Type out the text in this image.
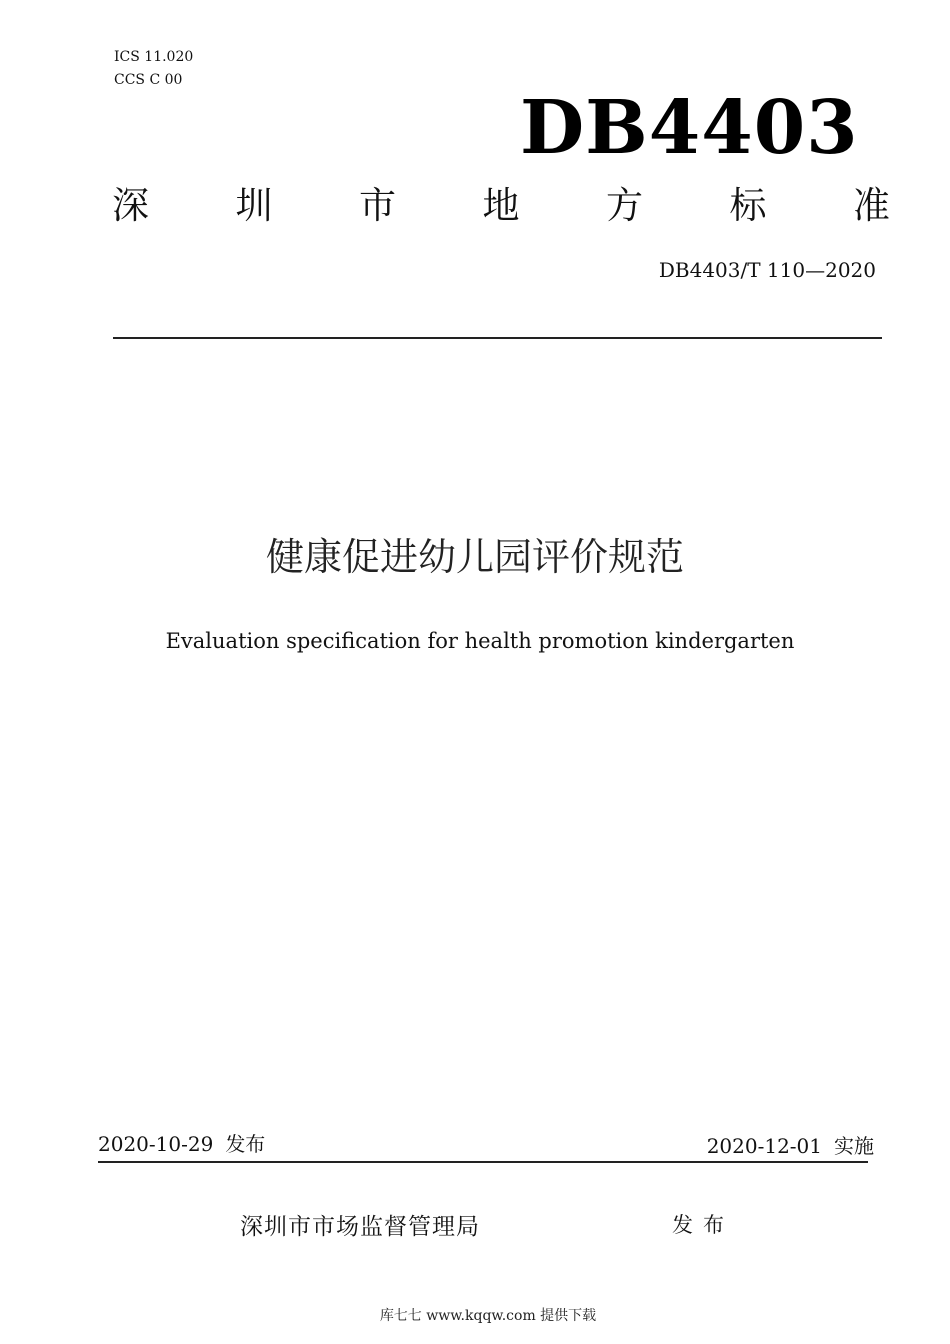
ICS 11.020
CCS C 00
DB4403
深 圳 市 地 方 标 准
DB4403/T 110—2020
健康促进幼儿园评价规范
Evaluation specification for health promotion kindergarten
2020-10-29 发布	2020-12-01 实施
深圳市市场监督管理局	发布
库七七 www.kqqw.com 提供下载
